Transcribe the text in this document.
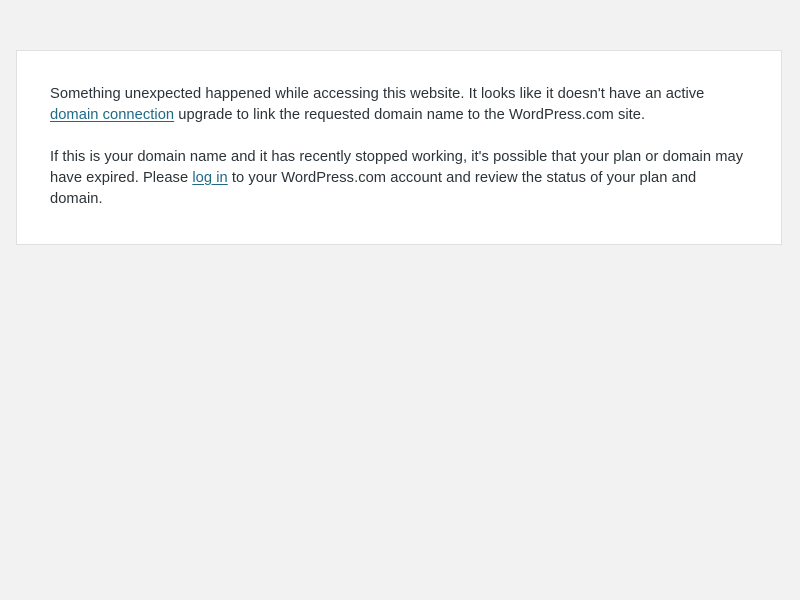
Something unexpected happened while accessing this website. It looks like it doesn't have an active domain connection upgrade to link the requested domain name to the WordPress.com site.

If this is your domain name and it has recently stopped working, it's possible that your plan or domain may have expired. Please log in to your WordPress.com account and review the status of your plan and domain.
